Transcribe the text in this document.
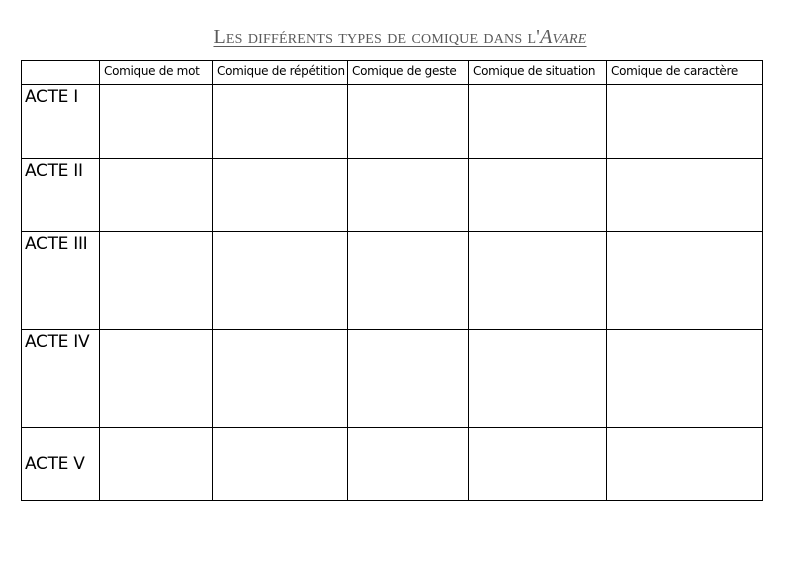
Les différents types de comique dans l'Avare
	Comique de mot	Comique de répétition	Comique de geste	Comique de situation	Comique de caractère
ACTE I					
ACTE II					
ACTE III					
ACTE IV					
ACTE V					
